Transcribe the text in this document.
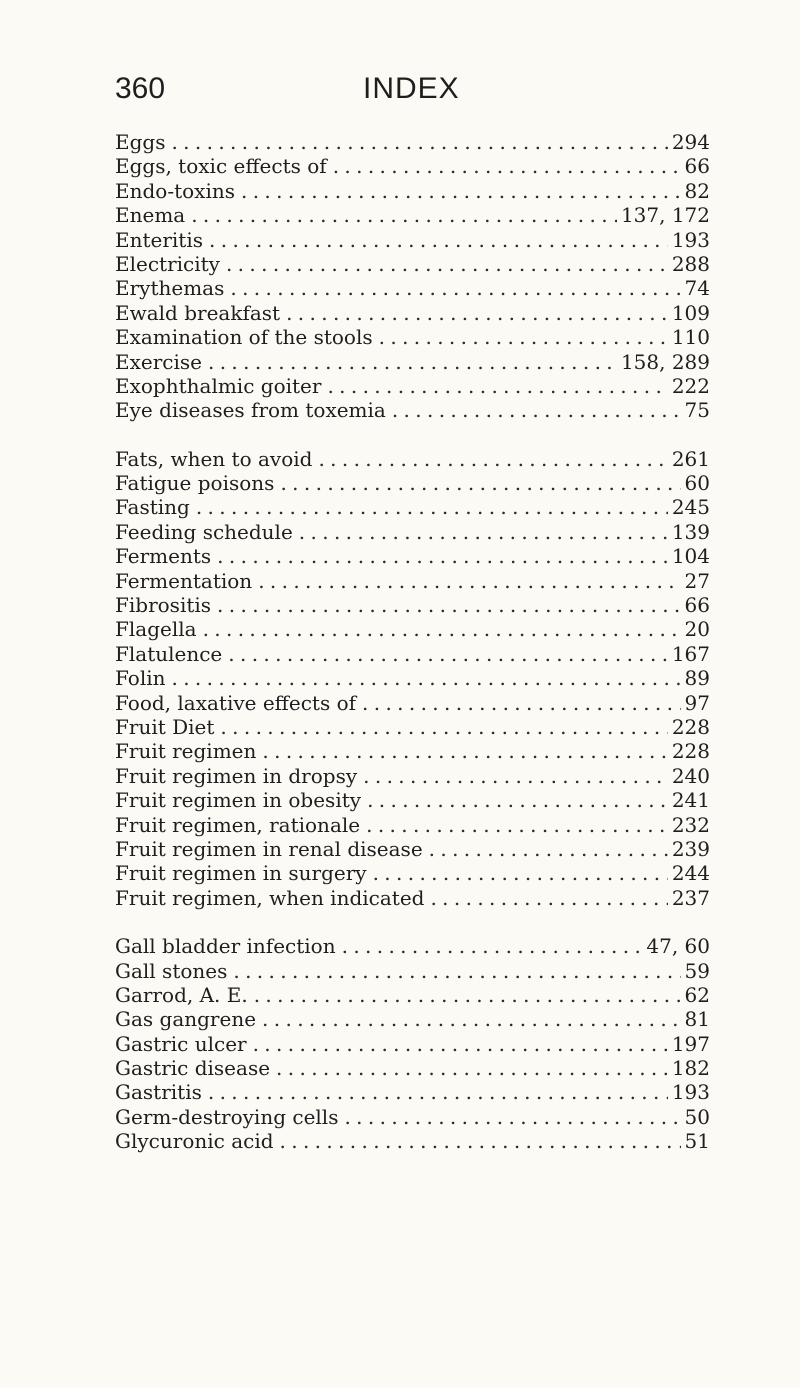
360	INDEX
Eggs . . .	294
Eggs, toxic effects of . . .	66
Endo-toxins . . .	82
Enema . . .	137, 172
Enteritis . . .	193
Electricity . . .	288
Erythemas . . .	74
Ewald breakfast . . .	109
Examination of the stools . . .	110
Exercise . . .	158, 289
Exophthalmic goiter . . .	222
Eye diseases from toxemia . . .	75
Fats, when to avoid . . .	261
Fatigue poisons . . .	60
Fasting . . .	245
Feeding schedule . . .	139
Ferments . . .	104
Fermentation . . .	27
Fibrositis . . .	66
Flagella . . .	20
Flatulence . . .	167
Folin . . .	89
Food, laxative effects of . . .	97
Fruit Diet . . .	228
Fruit regimen . . .	228
Fruit regimen in dropsy . . .	240
Fruit regimen in obesity . . .	241
Fruit regimen, rationale . . .	232
Fruit regimen in renal disease . . .	239
Fruit regimen in surgery . . .	244
Fruit regimen, when indicated . . .	237
Gall bladder infection . . .	47, 60
Gall stones . . .	59
Garrod, A. E. . . .	62
Gas gangrene . . .	81
Gastric ulcer . . .	197
Gastric disease . . .	182
Gastritis . . .	193
Germ-destroying cells . . .	50
Glycuronic acid . . .	51
